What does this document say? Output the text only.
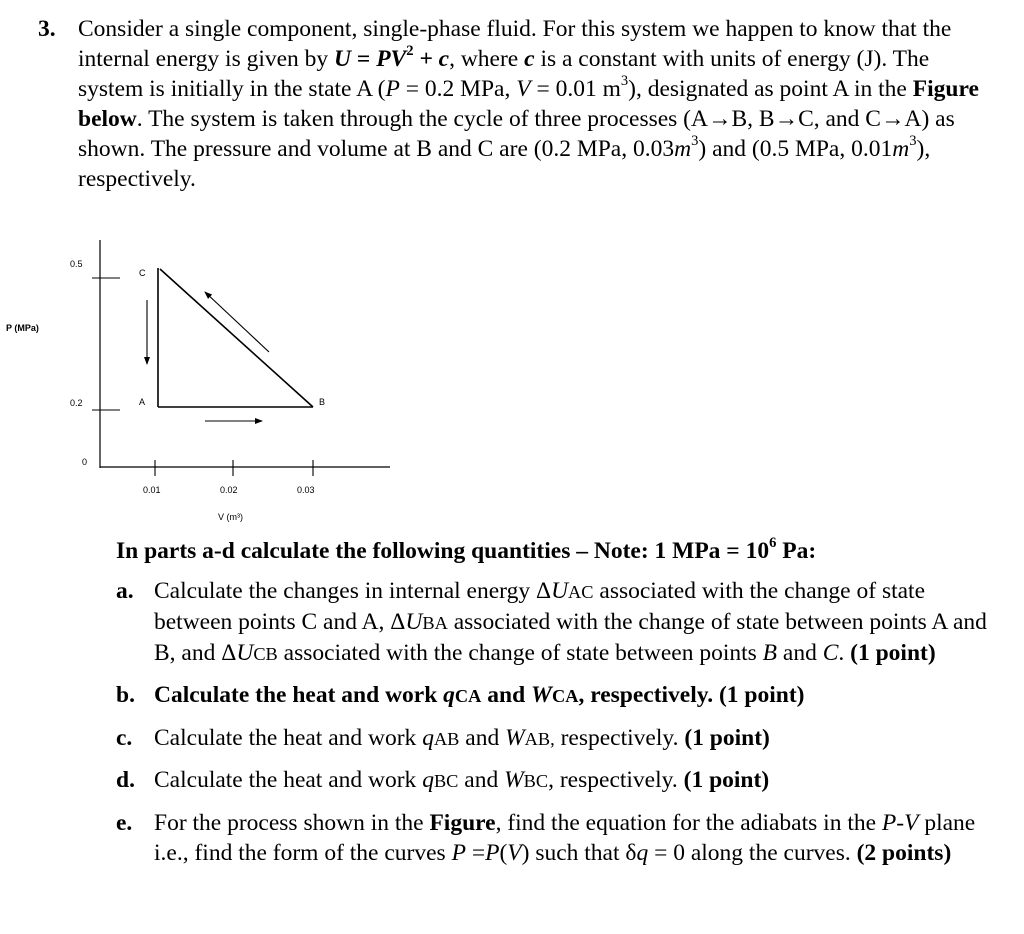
3. Consider a single component, single-phase fluid. For this system we happen to know that the internal energy is given by $U = PV^2 + c$, where c is a constant with units of energy (J). The system is initially in the state A (P = 0.2 MPa, V = 0.01 $m^3$), designated as point A in the Figure below. The system is taken through the cycle of three processes (A→B, B→C, and C→A) as shown. The pressure and volume at B and C are (0.2 MPa, $0.03m^3$) and (0.5 MPa, $0.01m^3$), respectively.
P (MPa)
V (m³)
0.5
0.2
0
0.01	0.02	0.03
C
A	B
In parts a-d calculate the following quantities – Note: 1 MPa = $10^6$ Pa:
a. Calculate the changes in internal energy ΔUAC associated with the change of state between points C and A, ΔUBA associated with the change of state between points A and B, and ΔUCB associated with the change of state between points B and C. (1 point)
b. Calculate the heat and work qCA and WCA, respectively. (1 point)
c. Calculate the heat and work qAB and WAB, respectively. (1 point)
d. Calculate the heat and work qBC and WBC, respectively. (1 point)
e. For the process shown in the Figure, find the equation for the adiabats in the P-V plane i.e., find the form of the curves P =P(V) such that δq = 0 along the curves. (2 points)
